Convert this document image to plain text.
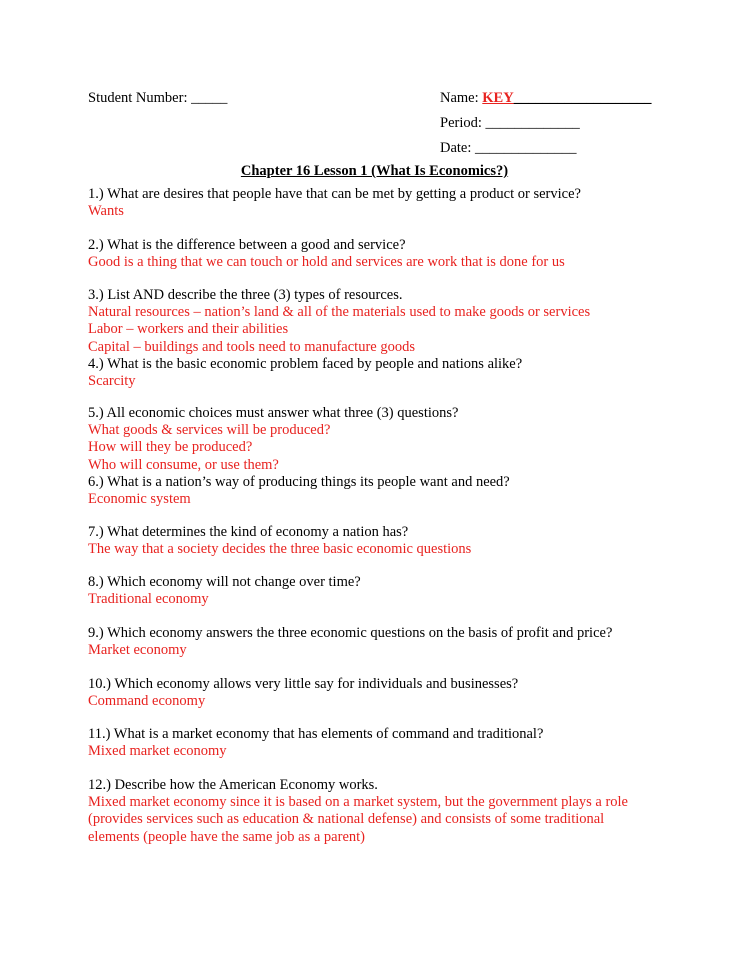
Student Number: _____	Name: KEY___________________
Period: _____________
Date: ______________
Chapter 16 Lesson 1 (What Is Economics?)
1.) What are desires that people have that can be met by getting a product or service?
Wants
2.) What is the difference between a good and service?
Good is a thing that we can touch or hold and services are work that is done for us
3.) List AND describe the three (3) types of resources.
Natural resources – nation’s land & all of the materials used to make goods or services
Labor – workers and their abilities
Capital – buildings and tools need to manufacture goods
4.) What is the basic economic problem faced by people and nations alike?
Scarcity
5.) All economic choices must answer what three (3) questions?
What goods & services will be produced?
How will they be produced?
Who will consume, or use them?
6.) What is a nation’s way of producing things its people want and need?
Economic system
7.) What determines the kind of economy a nation has?
The way that a society decides the three basic economic questions
8.) Which economy will not change over time?
Traditional economy
9.) Which economy answers the three economic questions on the basis of profit and price?
Market economy
10.) Which economy allows very little say for individuals and businesses?
Command economy
11.) What is a market economy that has elements of command and traditional?
Mixed market economy
12.) Describe how the American Economy works.
Mixed market economy since it is based on a market system, but the government plays a role (provides services such as education & national defense) and consists of some traditional elements (people have the same job as a parent)
